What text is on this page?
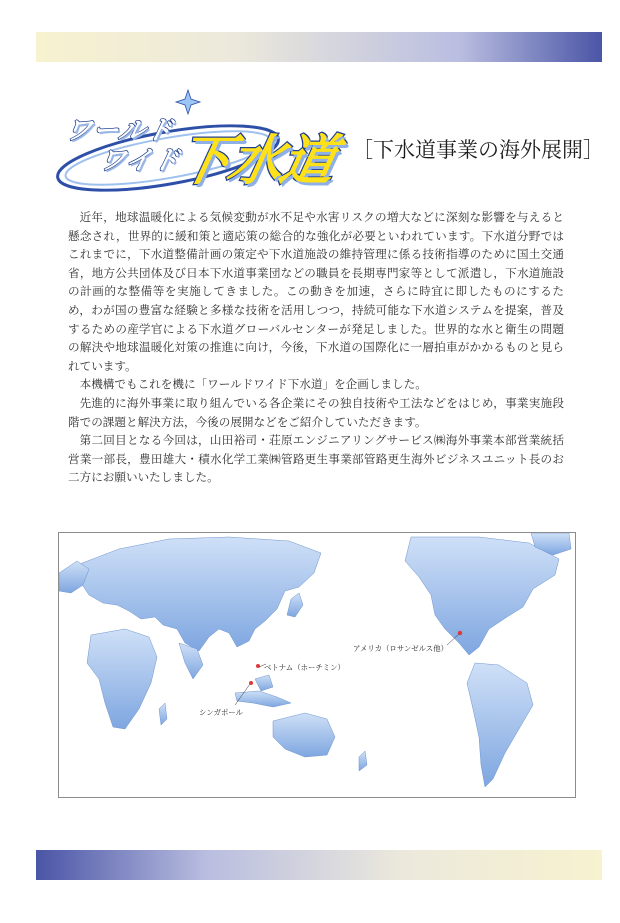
ワールド
ワイド
下水道 ［下水道事業の海外展開］

近年，地球温暖化による気候変動が水不足や水害リスクの増大などに深刻な影響を与えると懸念され，世界的に緩和策と適応策の総合的な強化が必要といわれています。下水道分野ではこれまでに，下水道整備計画の策定や下水道施設の維持管理に係る技術指導のために国土交通省，地方公共団体及び日本下水道事業団などの職員を長期専門家等として派遣し，下水道施設の計画的な整備等を実施してきました。この動きを加速，さらに時宜に即したものにするため，わが国の豊富な経験と多様な技術を活用しつつ，持続可能な下水道システムを提案，普及するための産学官による下水道グローバルセンターが発足しました。世界的な水と衛生の問題の解決や地球温暖化対策の推進に向け，今後，下水道の国際化に一層拍車がかかるものと見られています。

本機構でもこれを機に「ワールドワイド下水道」を企画しました。

先進的に海外事業に取り組んでいる各企業にその独自技術や工法などをはじめ，事業実施段階での課題と解決方法，今後の展開などをご紹介していただきます。

第二回目となる今回は，山田裕司・荘原エンジニアリングサービス㈱海外事業本部営業統括営業一部長，豊田雄大・積水化学工業㈱管路更生事業部管路更生海外ビジネスユニット長のお二方にお願いいたしました。

アメリカ（ロサンゼルス他）
ベトナム（ホーチミン）
シンガポール
